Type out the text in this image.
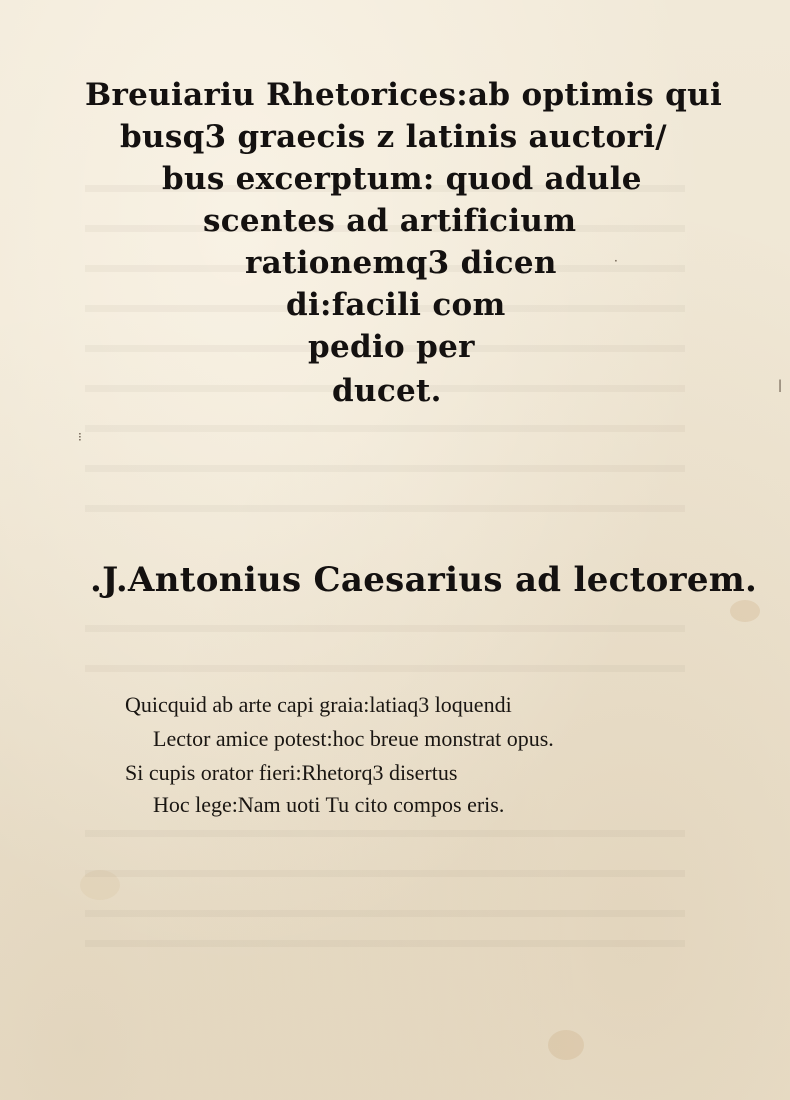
⁝
|
·
Breuiariu Rhetorices:ab optimis qui
busq3 graecis z latinis auctori/
bus excerptum: quod adule
scentes ad artificium
rationemq3 dicen
di:facili com
pedio per
ducet.
.J.Antonius Caesarius ad lectorem.
Quicquid ab arte capi graia:latiaq3 loquendi
Lector amice potest:hoc breue monstrat opus.
Si cupis orator fieri:Rhetorq3 disertus
Hoc lege:Nam uoti Tu cito compos eris.
